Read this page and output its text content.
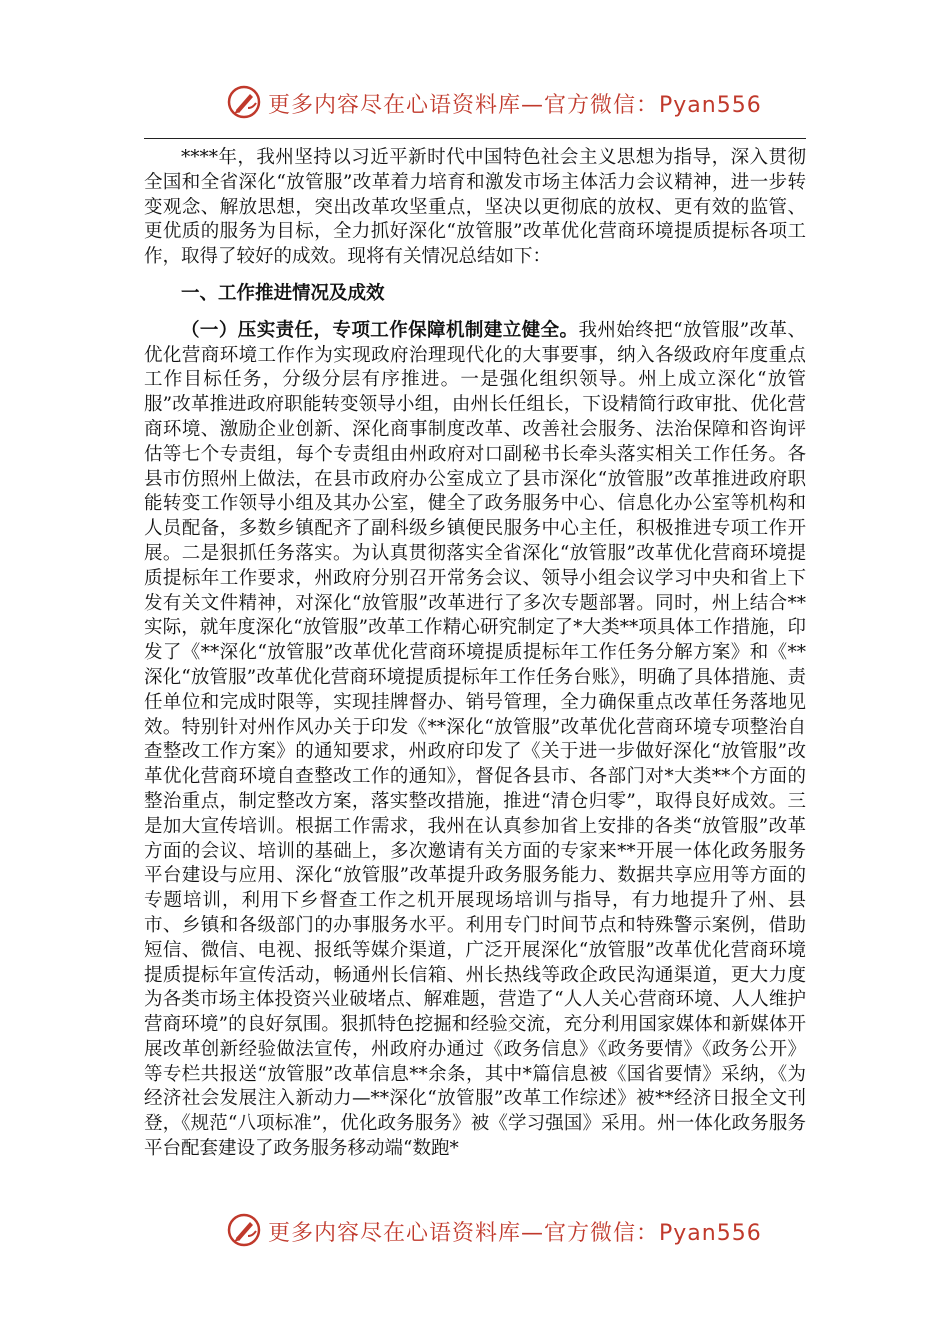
更多内容尽在心语资料库—官方微信：Pyan556

****年，我州坚持以习近平新时代中国特色社会主义思想为指导，深入贯彻全国和全省深化“放管服”改革着力培育和激发市场主体活力会议精神，进一步转变观念、解放思想，突出改革攻坚重点，坚决以更彻底的放权、更有效的监管、更优质的服务为目标，全力抓好深化“放管服”改革优化营商环境提质提标各项工作，取得了较好的成效。现将有关情况总结如下：

一、工作推进情况及成效

（一）压实责任，专项工作保障机制建立健全。我州始终把“放管服”改革、优化营商环境工作作为实现政府治理现代化的大事要事，纳入各级政府年度重点工作目标任务，分级分层有序推进。一是强化组织领导。州上成立深化“放管服”改革推进政府职能转变领导小组，由州长任组长，下设精简行政审批、优化营商环境、激励企业创新、深化商事制度改革、改善社会服务、法治保障和咨询评估等七个专责组，每个专责组由州政府对口副秘书长牵头落实相关工作任务。各县市仿照州上做法，在县市政府办公室成立了县市深化“放管服”改革推进政府职能转变工作领导小组及其办公室，健全了政务服务中心、信息化办公室等机构和人员配备，多数乡镇配齐了副科级乡镇便民服务中心主任，积极推进专项工作开展。二是狠抓任务落实。为认真贯彻落实全省深化“放管服”改革优化营商环境提质提标年工作要求，州政府分别召开常务会议、领导小组会议学习中央和省上下发有关文件精神，对深化“放管服”改革进行了多次专题部署。同时，州上结合**实际，就年度深化“放管服”改革工作精心研究制定了*大类**项具体工作措施，印发了《**深化“放管服”改革优化营商环境提质提标年工作任务分解方案》和《**深化“放管服”改革优化营商环境提质提标年工作任务台账》，明确了具体措施、责任单位和完成时限等，实现挂牌督办、销号管理，全力确保重点改革任务落地见效。特别针对州作风办关于印发《**深化“放管服”改革优化营商环境专项整治自查整改工作方案》的通知要求，州政府印发了《关于进一步做好深化“放管服”改革优化营商环境自查整改工作的通知》，督促各县市、各部门对*大类**个方面的整治重点，制定整改方案，落实整改措施，推进“清仓归零”，取得良好成效。三是加大宣传培训。根据工作需求，我州在认真参加省上安排的各类“放管服”改革方面的会议、培训的基础上，多次邀请有关方面的专家来**开展一体化政务服务平台建设与应用、深化“放管服”改革提升政务服务能力、数据共享应用等方面的专题培训，利用下乡督查工作之机开展现场培训与指导，有力地提升了州、县市、乡镇和各级部门的办事服务水平。利用专门时间节点和特殊警示案例，借助短信、微信、电视、报纸等媒介渠道，广泛开展深化“放管服”改革优化营商环境提质提标年宣传活动，畅通州长信箱、州长热线等政企政民沟通渠道，更大力度为各类市场主体投资兴业破堵点、解难题，营造了“人人关心营商环境、人人维护营商环境”的良好氛围。狠抓特色挖掘和经验交流，充分利用国家媒体和新媒体开展改革创新经验做法宣传，州政府办通过《政务信息》《政务要情》《政务公开》等专栏共报送“放管服”改革信息**余条，其中*篇信息被《国省要情》采纳，《为经济社会发展注入新动力—**深化“放管服”改革工作综述》被**经济日报全文刊登，《规范“八项标准”，优化政务服务》被《学习强国》采用。州一体化政务服务平台配套建设了政务服务移动端“数跑*

更多内容尽在心语资料库—官方微信：Pyan556
